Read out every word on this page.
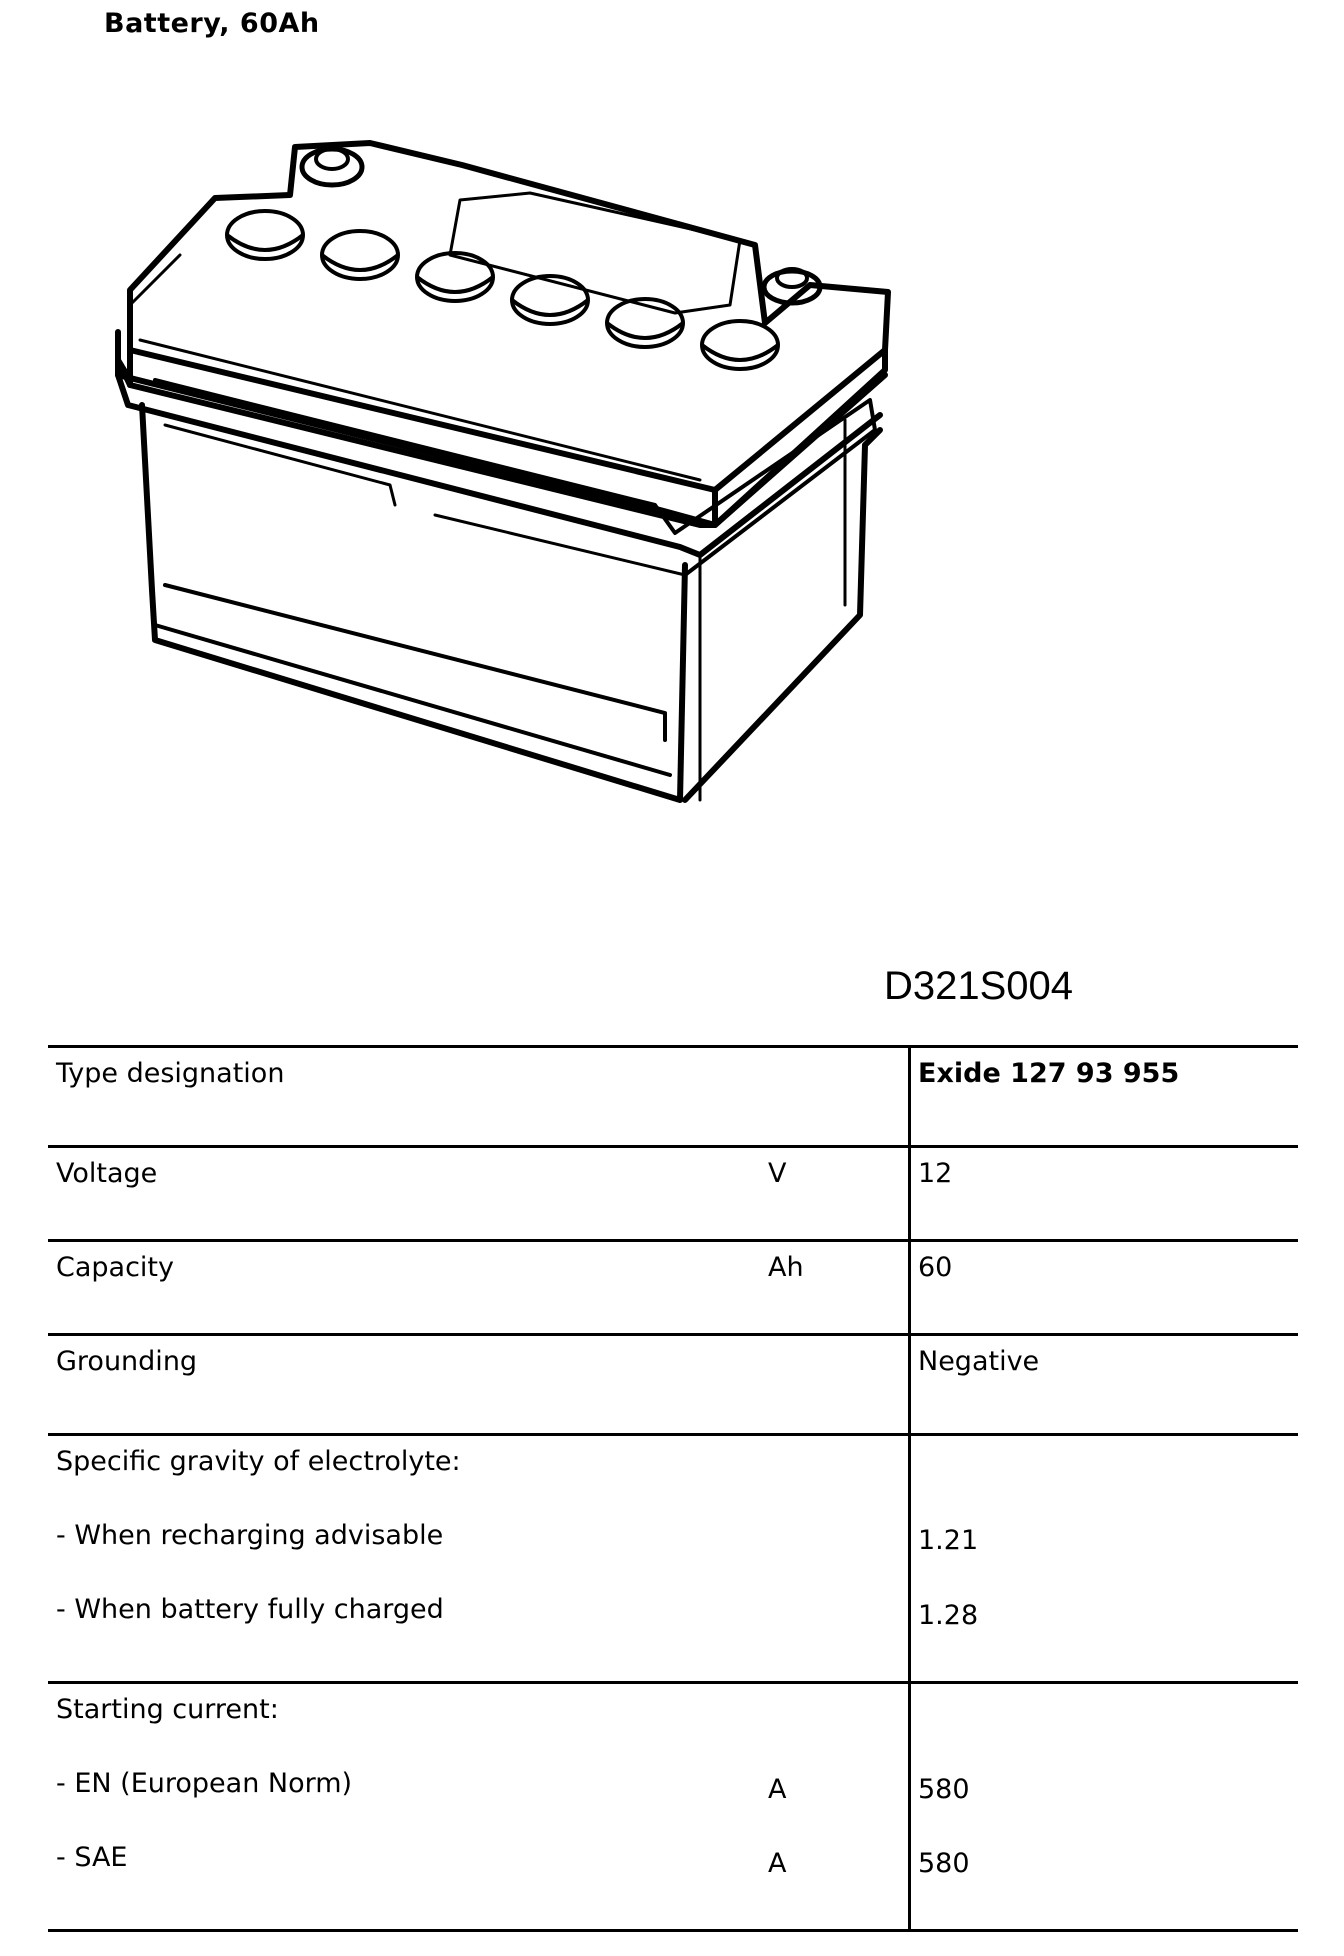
Battery, 60Ah
D321S004
Type designation	Exide 127 93 955
Voltage	V	12
Capacity	Ah	60
Grounding	Negative
Specific gravity of electrolyte:
- When recharging advisable	1.21
- When battery fully charged	1.28
Starting current:
- EN (European Norm)	A	580
- SAE	A	580
